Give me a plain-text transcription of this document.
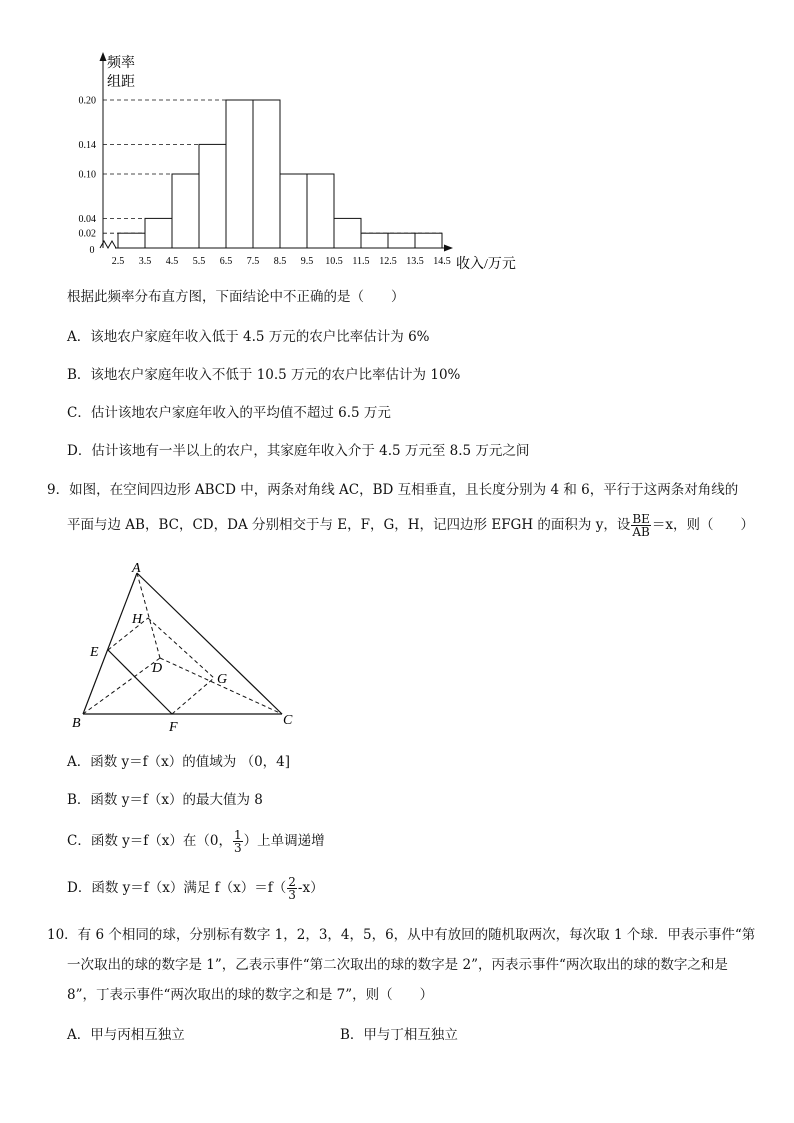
0.20
0.14
0.10
0.04
0.02
2.5 3.5 4.5 5.5 6.5 7.5 8.5 9.5 10.5 11.5 12.5 13.5 14.5
0
频率
组距
收入/万元
根据此频率分布直方图，下面结论中不正确的是（　　）
A．该地农户家庭年收入低于 4.5 万元的农户比率估计为 6%
B．该地农户家庭年收入不低于 10.5 万元的农户比率估计为 10%
C．估计该地农户家庭年收入的平均值不超过 6.5 万元
D．估计该地有一半以上的农户，其家庭年收入介于 4.5 万元至 8.5 万元之间
9．如图，在空间四边形 ABCD 中，两条对角线 AC，BD 互相垂直，且长度分别为 4 和 6，平行于这两条对角线的
平面与边 AB，BC，CD，DA 分别相交于与 E，F，G，H，记四边形 EFGH 的面积为 y，设 $\frac{BE}{AB} =x$，则（　　）
A
B	C
D
E
F
G
H
A．函数 y＝f（x）的值域为 （0，4]
B．函数 y＝f（x）的最大值为 8
C．函数 y＝f（x）在（0， $\frac{1}{3}$ ）上单调递增
D．函数 y＝f（x）满足 $f(x)=f( \frac{2}{3} -x)$
10．有 6 个相同的球，分别标有数字 1，2，3，4，5，6，从中有放回的随机取两次，每次取 1 个球．甲表示事件“第
一次取出的球的数字是 1”，乙表示事件“第二次取出的球的数字是 2”，丙表示事件“两次取出的球的数字之和是
8”，丁表示事件“两次取出的球的数字之和是 7”，则（　　）
A．甲与丙相互独立	B．甲与丁相互独立
